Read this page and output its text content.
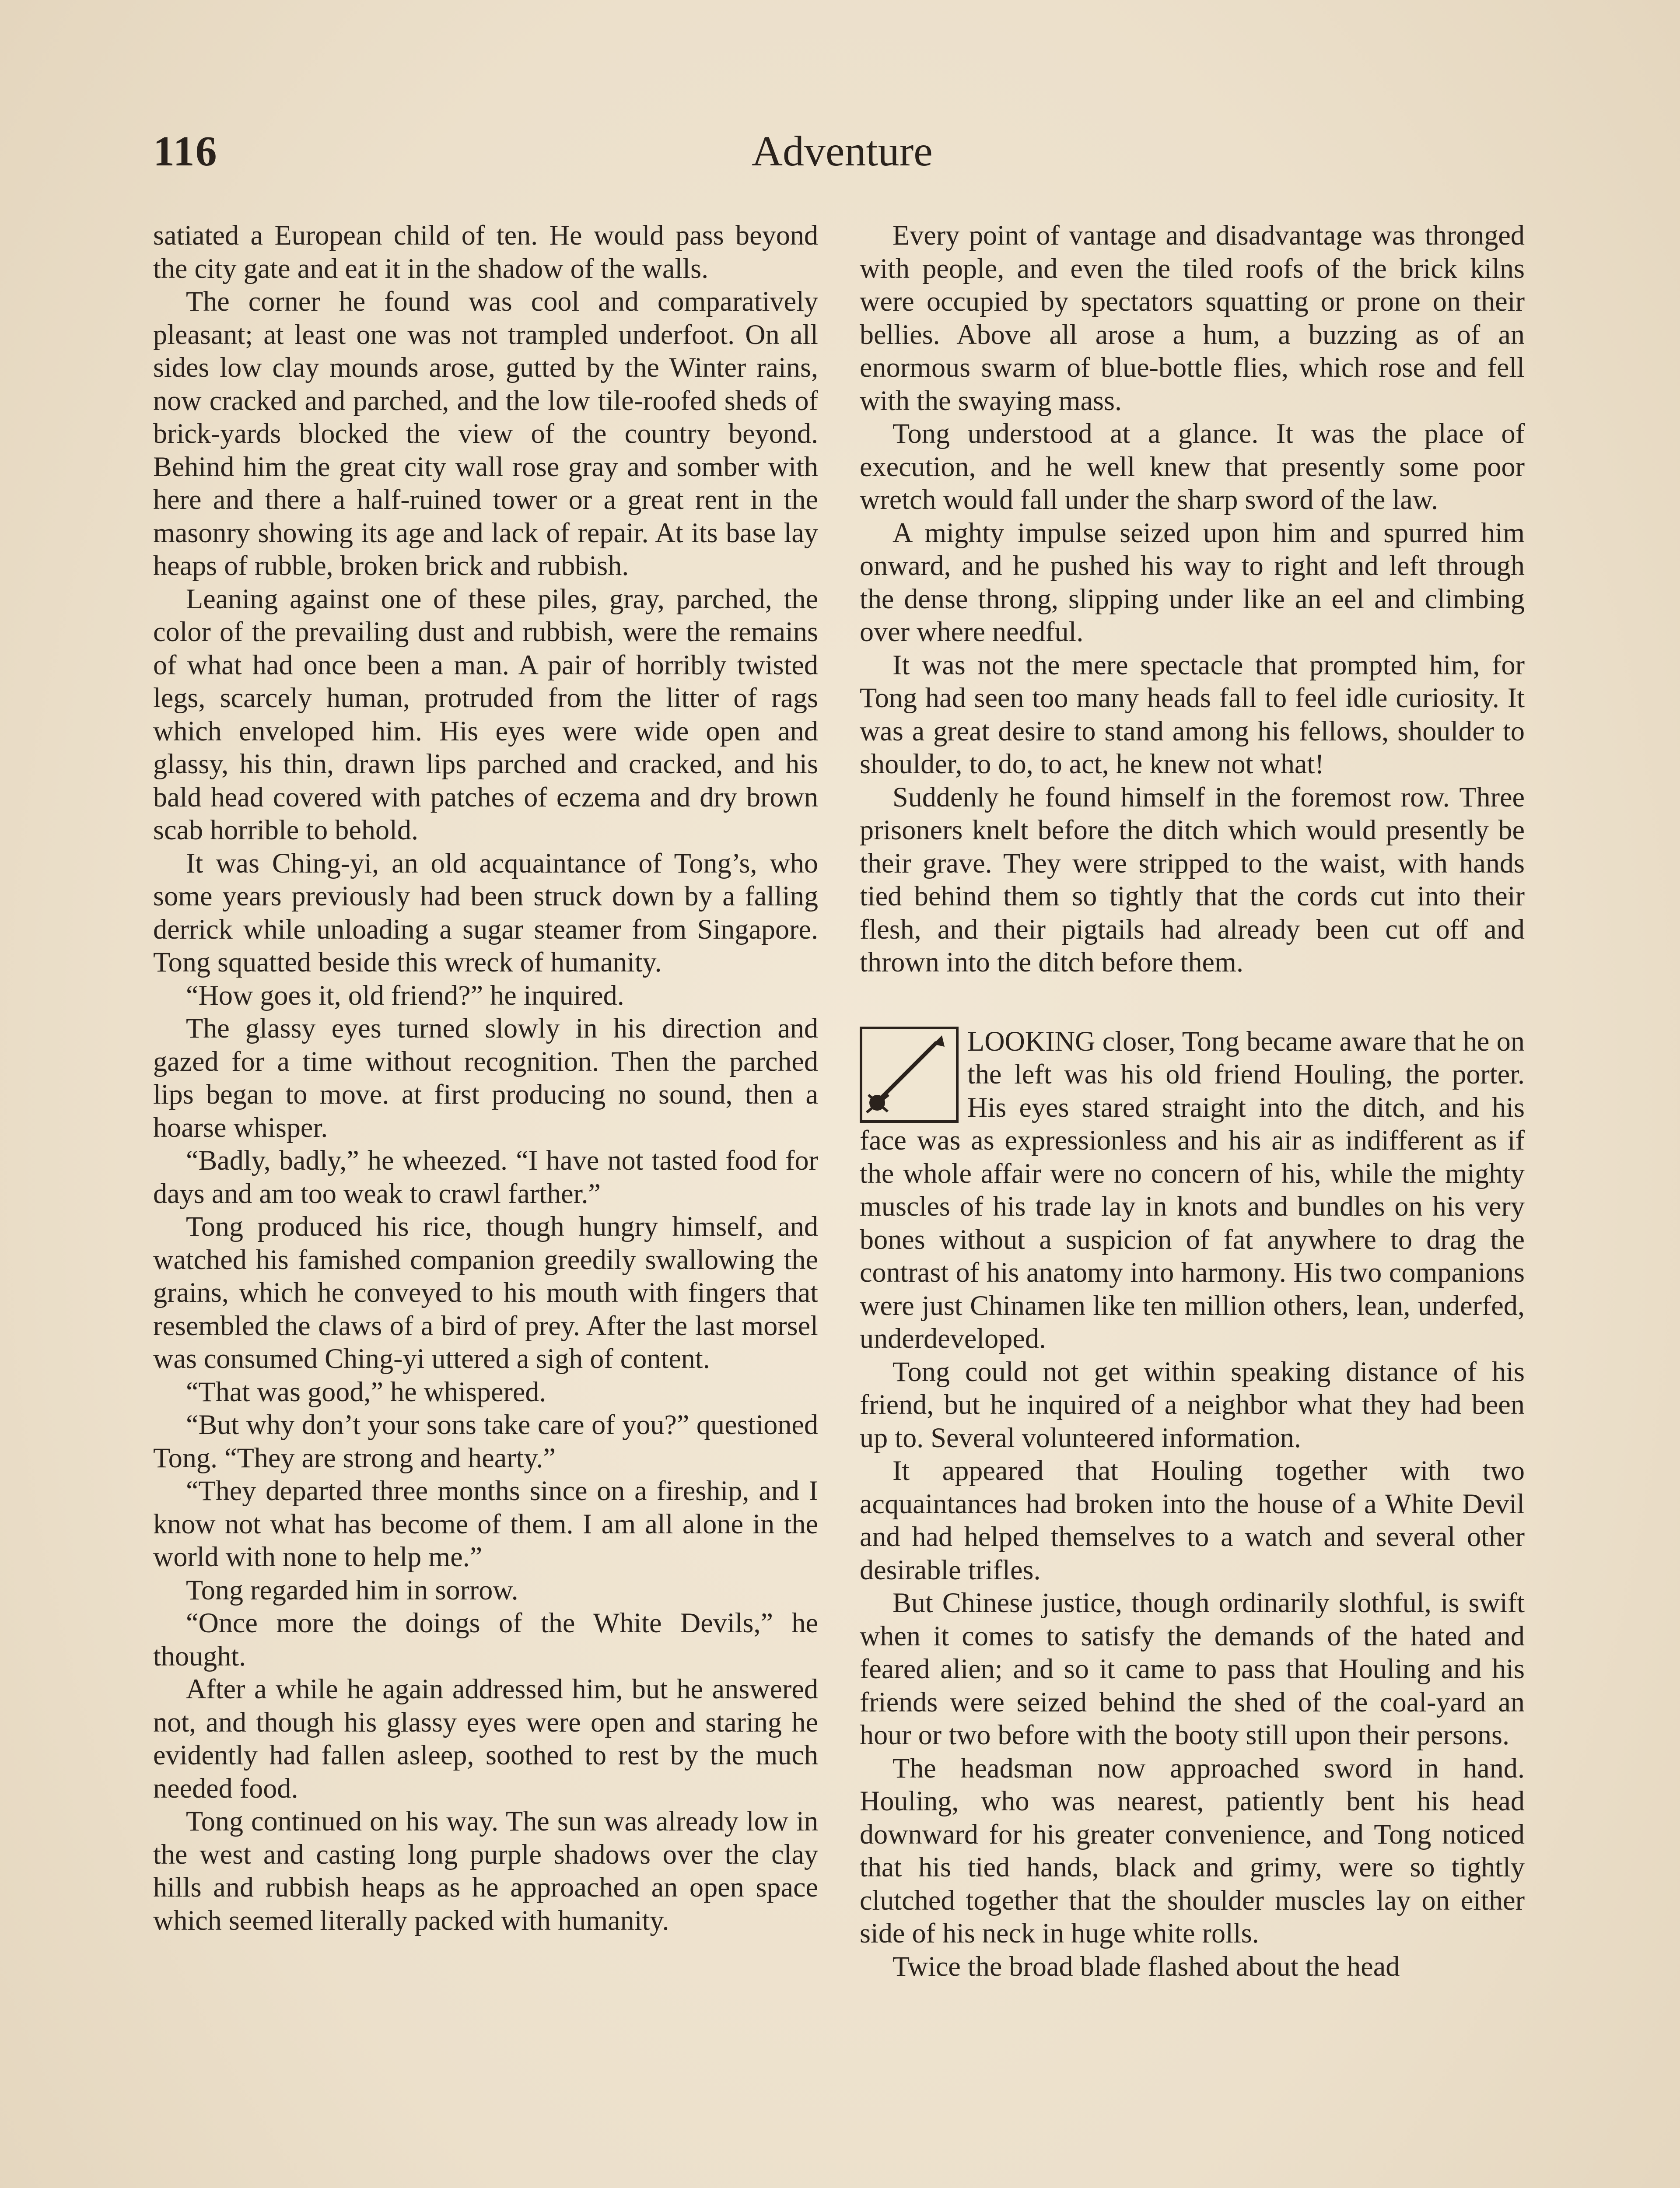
116	Adventure

satiated a European child of ten. He would pass beyond the city gate and eat it in the shadow of the walls.

The corner he found was cool and comparatively pleasant; at least one was not trampled underfoot. On all sides low clay mounds arose, gutted by the Winter rains, now cracked and parched, and the low tile-roofed sheds of brick-yards blocked the view of the country beyond. Behind him the great city wall rose gray and somber with here and there a half-ruined tower or a great rent in the masonry showing its age and lack of repair. At its base lay heaps of rubble, broken brick and rubbish.

Leaning against one of these piles, gray, parched, the color of the prevailing dust and rubbish, were the remains of what had once been a man. A pair of horribly twisted legs, scarcely human, protruded from the litter of rags which enveloped him. His eyes were wide open and glassy, his thin, drawn lips parched and cracked, and his bald head covered with patches of eczema and dry brown scab horrible to behold.

It was Ching-yi, an old acquaintance of Tong’s, who some years previously had been struck down by a falling derrick while unloading a sugar steamer from Singapore. Tong squatted beside this wreck of humanity.

“How goes it, old friend?” he inquired.

The glassy eyes turned slowly in his direction and gazed for a time without recognition. Then the parched lips began to move. at first producing no sound, then a hoarse whisper.

“Badly, badly,” he wheezed. “I have not tasted food for days and am too weak to crawl farther.”

Tong produced his rice, though hungry himself, and watched his famished companion greedily swallowing the grains, which he conveyed to his mouth with fingers that resembled the claws of a bird of prey. After the last morsel was consumed Ching-yi uttered a sigh of content.

“That was good,” he whispered.

“But why don’t your sons take care of you?” questioned Tong. “They are strong and hearty.”

“They departed three months since on a fireship, and I know not what has become of them. I am all alone in the world with none to help me.”

Tong regarded him in sorrow.

“Once more the doings of the White Devils,” he thought.

After a while he again addressed him, but he answered not, and though his glassy eyes were open and staring he evidently had fallen asleep, soothed to rest by the much needed food.

Tong continued on his way. The sun was already low in the west and casting long purple shadows over the clay hills and rubbish heaps as he approached an open space which seemed literally packed with humanity.

Every point of vantage and disadvantage was thronged with people, and even the tiled roofs of the brick kilns were occupied by spectators squatting or prone on their bellies. Above all arose a hum, a buzzing as of an enormous swarm of blue-bottle flies, which rose and fell with the swaying mass.

Tong understood at a glance. It was the place of execution, and he well knew that presently some poor wretch would fall under the sharp sword of the law.

A mighty impulse seized upon him and spurred him onward, and he pushed his way to right and left through the dense throng, slipping under like an eel and climbing over where needful.

It was not the mere spectacle that prompted him, for Tong had seen too many heads fall to feel idle curiosity. It was a great desire to stand among his fellows, shoulder to shoulder, to do, to act, he knew not what!

Suddenly he found himself in the foremost row. Three prisoners knelt before the ditch which would presently be their grave. They were stripped to the waist, with hands tied behind them so tightly that the cords cut into their flesh, and their pigtails had already been cut off and thrown into the ditch before them.

LOOKING closer, Tong became aware that he on the left was his old friend Houling, the porter. His eyes stared straight into the ditch, and his face was as expressionless and his air as indifferent as if the whole affair were no concern of his, while the mighty muscles of his trade lay in knots and bundles on his very bones without a suspicion of fat anywhere to drag the contrast of his anatomy into harmony. His two companions were just Chinamen like ten million others, lean, underfed, underdeveloped.

Tong could not get within speaking distance of his friend, but he inquired of a neighbor what they had been up to. Several volunteered information.

It appeared that Houling together with two acquaintances had broken into the house of a White Devil and had helped themselves to a watch and several other desirable trifles.

But Chinese justice, though ordinarily slothful, is swift when it comes to satisfy the demands of the hated and feared alien; and so it came to pass that Houling and his friends were seized behind the shed of the coal-yard an hour or two before with the booty still upon their persons.

The headsman now approached sword in hand. Houling, who was nearest, patiently bent his head downward for his greater convenience, and Tong noticed that his tied hands, black and grimy, were so tightly clutched together that the shoulder muscles lay on either side of his neck in huge white rolls.

Twice the broad blade flashed about the head
